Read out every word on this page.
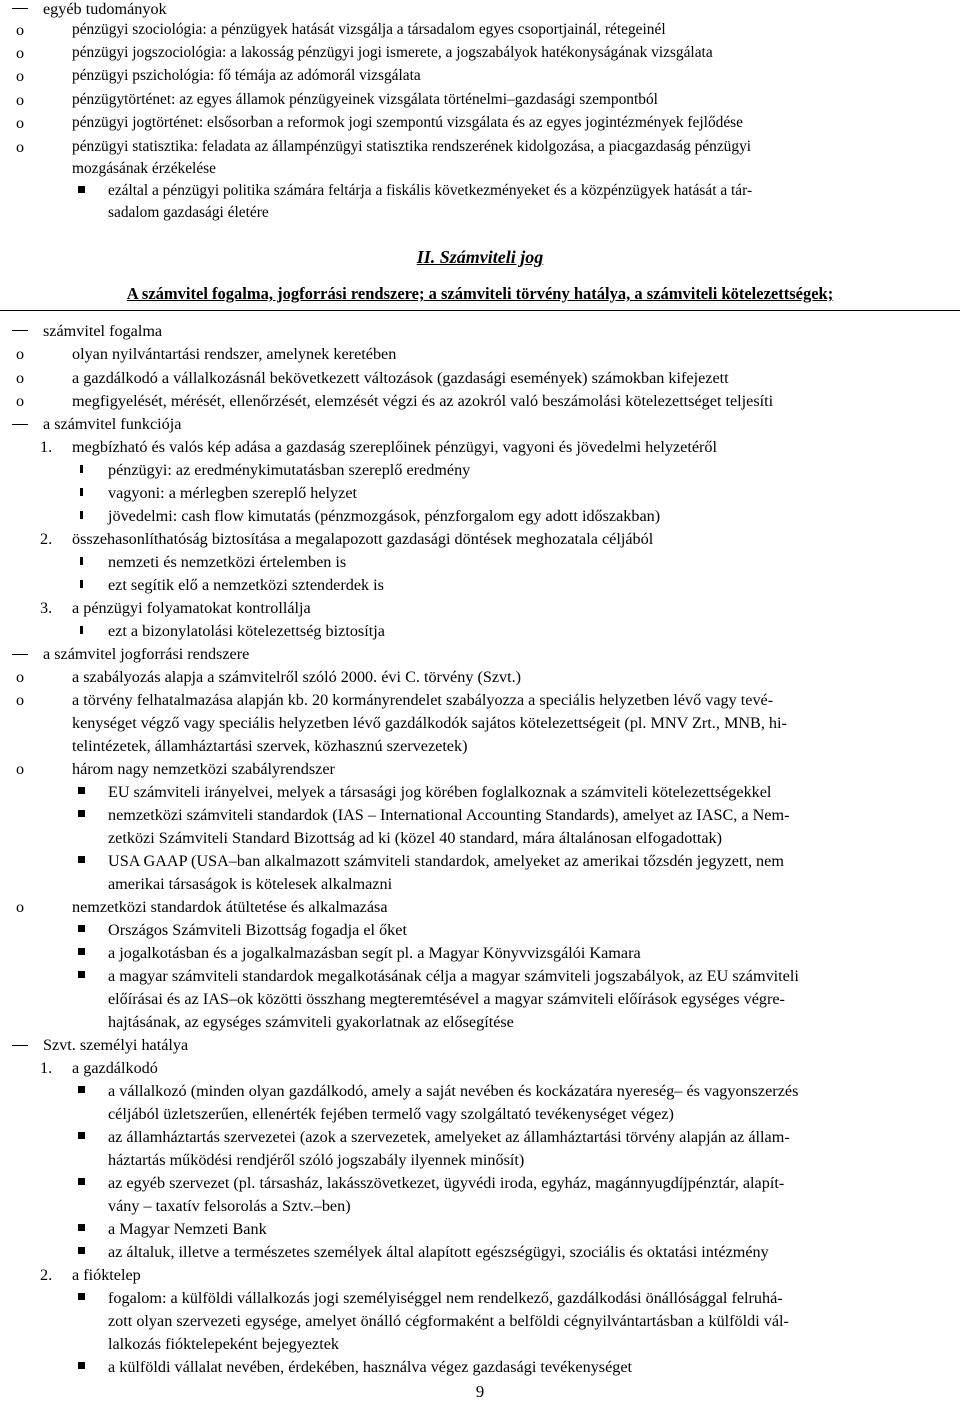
egyéb tudományok
o	pénzügyi szociológia: a pénzügyek hatását vizsgálja a társadalom egyes csoportjainál, rétegeinél
o	pénzügyi jogszociológia: a lakosság pénzügyi jogi ismerete, a jogszabályok hatékonyságának vizsgálata
o	pénzügyi pszichológia: fő témája az adómorál vizsgálata
o	pénzügytörténet: az egyes államok pénzügyeinek vizsgálata történelmi–gazdasági szempontból
o	pénzügyi jogtörténet: elsősorban a reformok jogi szempontú vizsgálata és az egyes jogintézmények fejlődése
o	pénzügyi statisztika: feladata az állampénzügyi statisztika rendszerének kidolgozása, a piacgazdaság pénzügyi
mozgásának érzékelése
ezáltal a pénzügyi politika számára feltárja a fiskális következményeket és a közpénzügyek hatását a tár-
sadalom gazdasági életére
II. Számviteli jog
A számvitel fogalma, jogforrási rendszere; a számviteli törvény hatálya, a számviteli kötelezettségek;
számvitel fogalma
o	olyan nyilvántartási rendszer, amelynek keretében
o	a gazdálkodó a vállalkozásnál bekövetkezett változások (gazdasági események) számokban kifejezett
o	megfigyelését, mérését, ellenőrzését, elemzését végzi és az azokról való beszámolási kötelezettséget teljesíti
a számvitel funkciója
1. megbízható és valós kép adása a gazdaság szereplőinek pénzügyi, vagyoni és jövedelmi helyzetéről
pénzügyi: az eredménykimutatásban szereplő eredmény
vagyoni: a mérlegben szereplő helyzet
jövedelmi: cash flow kimutatás (pénzmozgások, pénzforgalom egy adott időszakban)
2. összehasonlíthatóság biztosítása a megalapozott gazdasági döntések meghozatala céljából
nemzeti és nemzetközi értelemben is
ezt segítik elő a nemzetközi sztenderdek is
3. a pénzügyi folyamatokat kontrollálja
ezt a bizonylatolási kötelezettség biztosítja
a számvitel jogforrási rendszere
o	a szabályozás alapja a számvitelről szóló 2000. évi C. törvény (Szvt.)
o	a törvény felhatalmazása alapján kb. 20 kormányrendelet szabályozza a speciális helyzetben lévő vagy tevé-
kenységet végző vagy speciális helyzetben lévő gazdálkodók sajátos kötelezettségeit (pl. MNV Zrt., MNB, hi-
telintézetek, államháztartási szervek, közhasznú szervezetek)
o	három nagy nemzetközi szabályrendszer
EU számviteli irányelvei, melyek a társasági jog körében foglalkoznak a számviteli kötelezettségekkel
nemzetközi számviteli standardok (IAS – International Accounting Standards), amelyet az IASC, a Nem-
zetközi Számviteli Standard Bizottság ad ki (közel 40 standard, mára általánosan elfogadottak)
USA GAAP (USA–ban alkalmazott számviteli standardok, amelyeket az amerikai tőzsdén jegyzett, nem
amerikai társaságok is kötelesek alkalmazni
o	nemzetközi standardok átültetése és alkalmazása
Országos Számviteli Bizottság fogadja el őket
a jogalkotásban és a jogalkalmazásban segít pl. a Magyar Könyvvizsgálói Kamara
a magyar számviteli standardok megalkotásának célja a magyar számviteli jogszabályok, az EU számviteli
előírásai és az IAS–ok közötti összhang megteremtésével a magyar számviteli előírások egységes végre-
hajtásának, az egységes számviteli gyakorlatnak az elősegítése
Szvt. személyi hatálya
1. a gazdálkodó
a vállalkozó (minden olyan gazdálkodó, amely a saját nevében és kockázatára nyereség– és vagyonszerzés
céljából üzletszerűen, ellenérték fejében termelő vagy szolgáltató tevékenységet végez)
az államháztartás szervezetei (azok a szervezetek, amelyeket az államháztartási törvény alapján az állam-
háztartás működési rendjéről szóló jogszabály ilyennek minősít)
az egyéb szervezet (pl. társasház, lakásszövetkezet, ügyvédi iroda, egyház, magánnyugdíjpénztár, alapít-
vány – taxatív felsorolás a Sztv.–ben)
a Magyar Nemzeti Bank
az általuk, illetve a természetes személyek által alapított egészségügyi, szociális és oktatási intézmény
2. a fióktelep
fogalom: a külföldi vállalkozás jogi személyiséggel nem rendelkező, gazdálkodási önállósággal felruhá-
zott olyan szervezeti egysége, amelyet önálló cégformaként a belföldi cégnyilvántartásban a külföldi vál-
lalkozás fióktelepeként bejegyeztek
a külföldi vállalat nevében, érdekében, használva végez gazdasági tevékenységet
9
